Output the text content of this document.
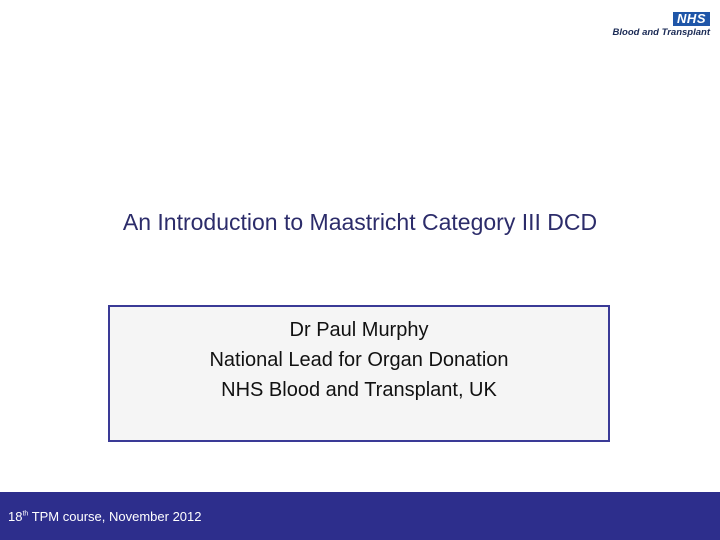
NHS
Blood and Transplant
An Introduction to Maastricht Category III DCD
Dr Paul Murphy
National Lead for Organ Donation
NHS Blood and Transplant, UK
18th TPM course, November 2012
